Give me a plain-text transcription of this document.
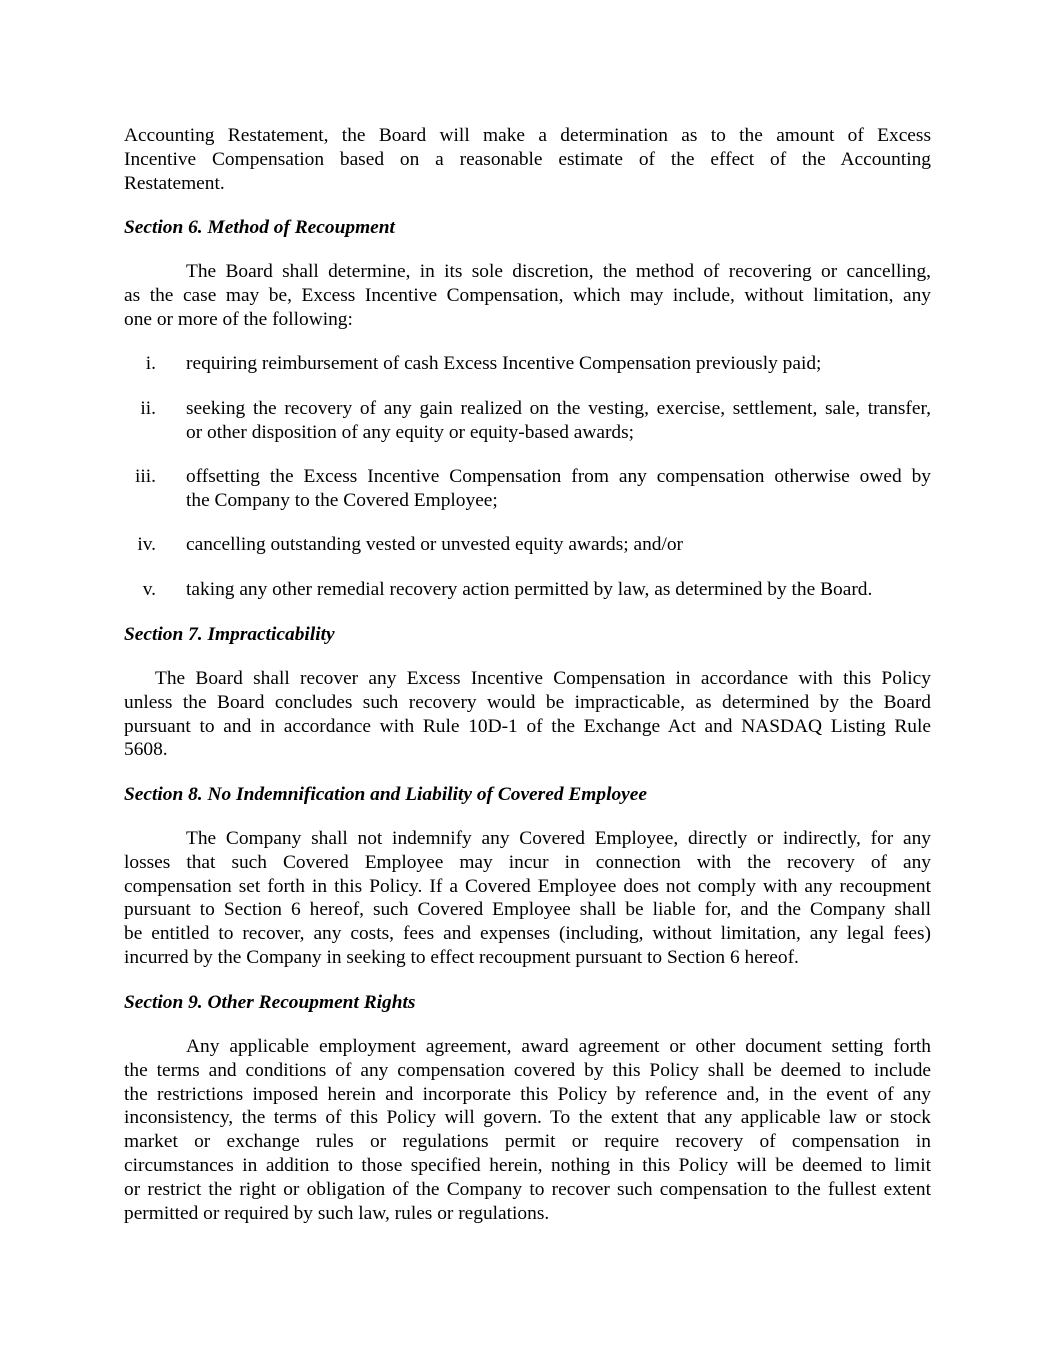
Accounting Restatement, the Board will make a determination as to the amount of Excess
Incentive Compensation based on a reasonable estimate of the effect of the Accounting
Restatement.
Section 6. Method of Recoupment
The Board shall determine, in its sole discretion, the method of recovering or cancelling,
as the case may be, Excess Incentive Compensation, which may include, without limitation, any
one or more of the following:
i. requiring reimbursement of cash Excess Incentive Compensation previously paid;
ii. seeking the recovery of any gain realized on the vesting, exercise, settlement, sale, transfer,
or other disposition of any equity or equity-based awards;
iii. offsetting the Excess Incentive Compensation from any compensation otherwise owed by
the Company to the Covered Employee;
iv. cancelling outstanding vested or unvested equity awards; and/or
v. taking any other remedial recovery action permitted by law, as determined by the Board.
Section 7. Impracticability
The Board shall recover any Excess Incentive Compensation in accordance with this Policy
unless the Board concludes such recovery would be impracticable, as determined by the Board
pursuant to and in accordance with Rule 10D-1 of the Exchange Act and NASDAQ Listing Rule
5608.
Section 8. No Indemnification and Liability of Covered Employee
The Company shall not indemnify any Covered Employee, directly or indirectly, for any
losses that such Covered Employee may incur in connection with the recovery of any
compensation set forth in this Policy. If a Covered Employee does not comply with any recoupment
pursuant to Section 6 hereof, such Covered Employee shall be liable for, and the Company shall
be entitled to recover, any costs, fees and expenses (including, without limitation, any legal fees)
incurred by the Company in seeking to effect recoupment pursuant to Section 6 hereof.
Section 9. Other Recoupment Rights
Any applicable employment agreement, award agreement or other document setting forth
the terms and conditions of any compensation covered by this Policy shall be deemed to include
the restrictions imposed herein and incorporate this Policy by reference and, in the event of any
inconsistency, the terms of this Policy will govern. To the extent that any applicable law or stock
market or exchange rules or regulations permit or require recovery of compensation in
circumstances in addition to those specified herein, nothing in this Policy will be deemed to limit
or restrict the right or obligation of the Company to recover such compensation to the fullest extent
permitted or required by such law, rules or regulations.
